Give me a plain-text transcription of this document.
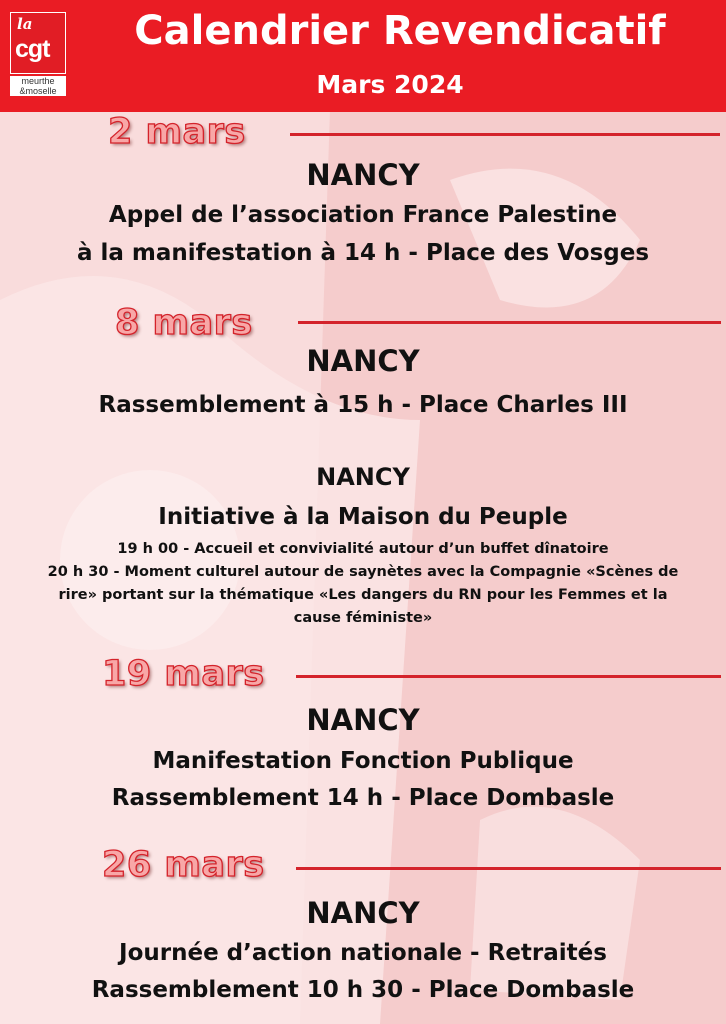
la
cgt
meurthe
&moselle
Calendrier Revendicatif
Mars 2024
2 mars
NANCY
Appel de l’association France Palestine
à la manifestation à 14 h - Place des Vosges
8 mars
NANCY
Rassemblement à 15 h - Place Charles III
NANCY
Initiative à la Maison du Peuple
19 h 00 - Accueil et convivialité autour d’un buffet dînatoire
20 h 30 - Moment culturel autour de saynètes avec la Compagnie «Scènes de
rire» portant sur la thématique «Les dangers du RN pour les Femmes et la
cause féministe»
19 mars
NANCY
Manifestation Fonction Publique
Rassemblement 14 h - Place Dombasle
26 mars
NANCY
Journée d’action nationale - Retraités
Rassemblement 10 h 30 - Place Dombasle
